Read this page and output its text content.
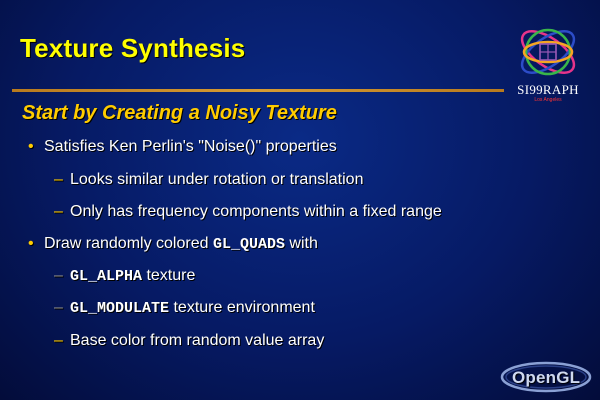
Texture Synthesis
SI99RAPH
Los Angeles
Start by Creating a Noisy Texture
• Satisfies Ken Perlin's "Noise()" properties
– Looks similar under rotation or translation
– Only has frequency components within a fixed range
• Draw randomly colored GL_QUADS with
– GL_ALPHA texture
– GL_MODULATE texture environment
– Base color from random value array
OpenGL
